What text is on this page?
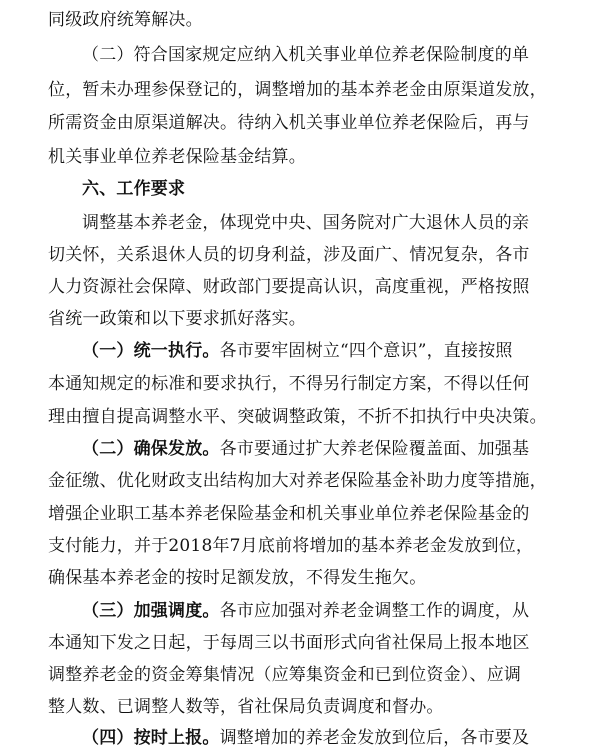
同级政府统筹解决。
（二）符合国家规定应纳入机关事业单位养老保险制度的单
位，暂未办理参保登记的，调整增加的基本养老金由原渠道发放，
所需资金由原渠道解决。待纳入机关事业单位养老保险后，再与
机关事业单位养老保险基金结算。
六、工作要求
调整基本养老金，体现党中央、国务院对广大退休人员的亲
切关怀，关系退休人员的切身利益，涉及面广、情况复杂，各市
人力资源社会保障、财政部门要提高认识，高度重视，严格按照
省统一政策和以下要求抓好落实。
（一）统一执行。各市要牢固树立“四个意识”，直接按照
本通知规定的标准和要求执行，不得另行制定方案，不得以任何
理由擅自提高调整水平、突破调整政策，不折不扣执行中央决策。
（二）确保发放。各市要通过扩大养老保险覆盖面、加强基
金征缴、优化财政支出结构加大对养老保险基金补助力度等措施，
增强企业职工基本养老保险基金和机关事业单位养老保险基金的
支付能力，并于2018年7月底前将增加的基本养老金发放到位，
确保基本养老金的按时足额发放，不得发生拖欠。
（三）加强调度。各市应加强对养老金调整工作的调度，从
本通知下发之日起，于每周三以书面形式向省社保局上报本地区
调整养老金的资金筹集情况（应筹集资金和已到位资金）、应调
整人数、已调整人数等，省社保局负责调度和督办。
（四）按时上报。调整增加的养老金发放到位后，各市要及
